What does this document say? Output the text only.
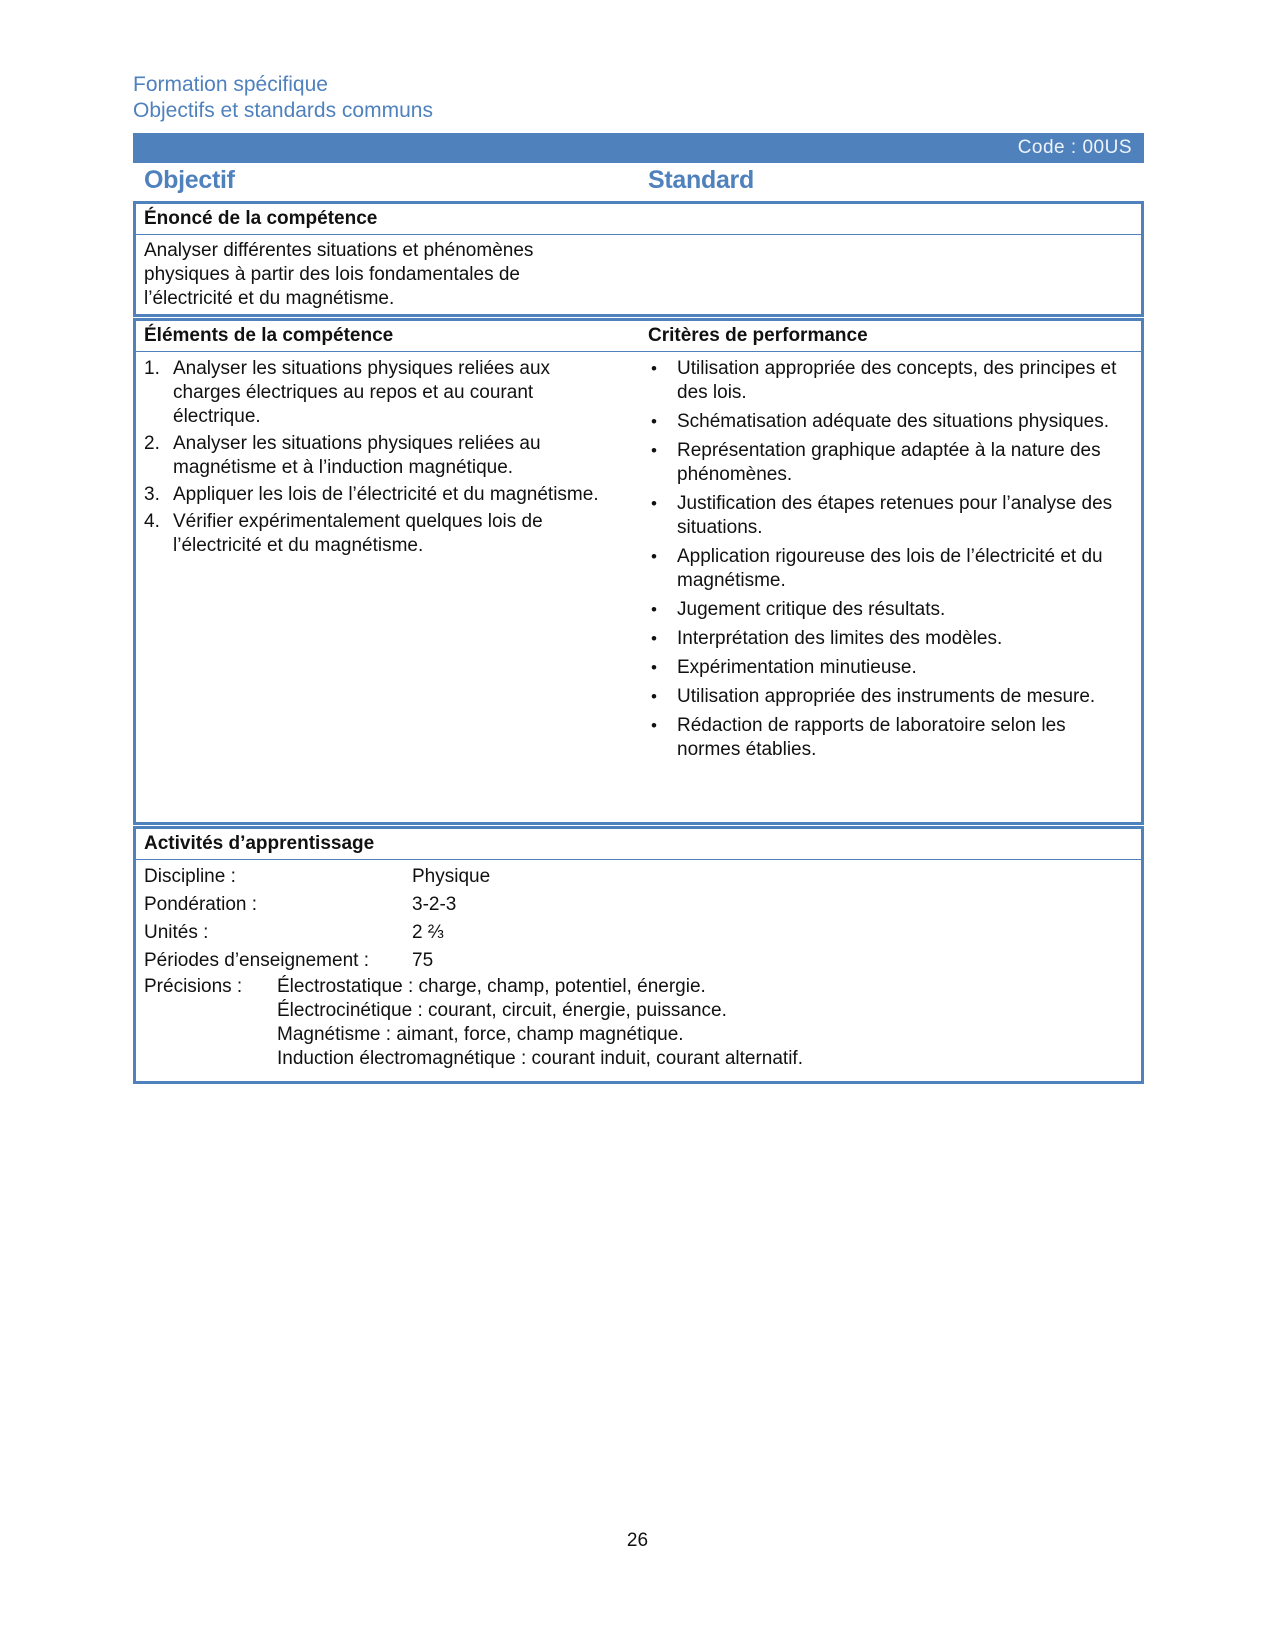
Formation spécifique
Objectifs et standards communs
Code : 00US
Objectif	Standard
Énoncé de la compétence
Analyser différentes situations et phénomènes physiques à partir des lois fondamentales de l’électricité et du magnétisme.
Éléments de la compétence	Critères de performance
1. Analyser les situations physiques reliées aux charges électriques au repos et au courant électrique.
2. Analyser les situations physiques reliées au magnétisme et à l’induction magnétique.
3. Appliquer les lois de l’électricité et du magnétisme.
4. Vérifier expérimentalement quelques lois de l’électricité et du magnétisme.
• Utilisation appropriée des concepts, des principes et des lois.
• Schématisation adéquate des situations physiques.
• Représentation graphique adaptée à la nature des phénomènes.
• Justification des étapes retenues pour l’analyse des situations.
• Application rigoureuse des lois de l’électricité et du magnétisme.
• Jugement critique des résultats.
• Interprétation des limites des modèles.
• Expérimentation minutieuse.
• Utilisation appropriée des instruments de mesure.
• Rédaction de rapports de laboratoire selon les normes établies.
Activités d’apprentissage
Discipline :	Physique
Pondération :	3-2-3
Unités :	2 ⅔
Périodes d’enseignement : 75
Précisions : Électrostatique : charge, champ, potentiel, énergie.
Électrocinétique : courant, circuit, énergie, puissance.
Magnétisme : aimant, force, champ magnétique.
Induction électromagnétique : courant induit, courant alternatif.
26
